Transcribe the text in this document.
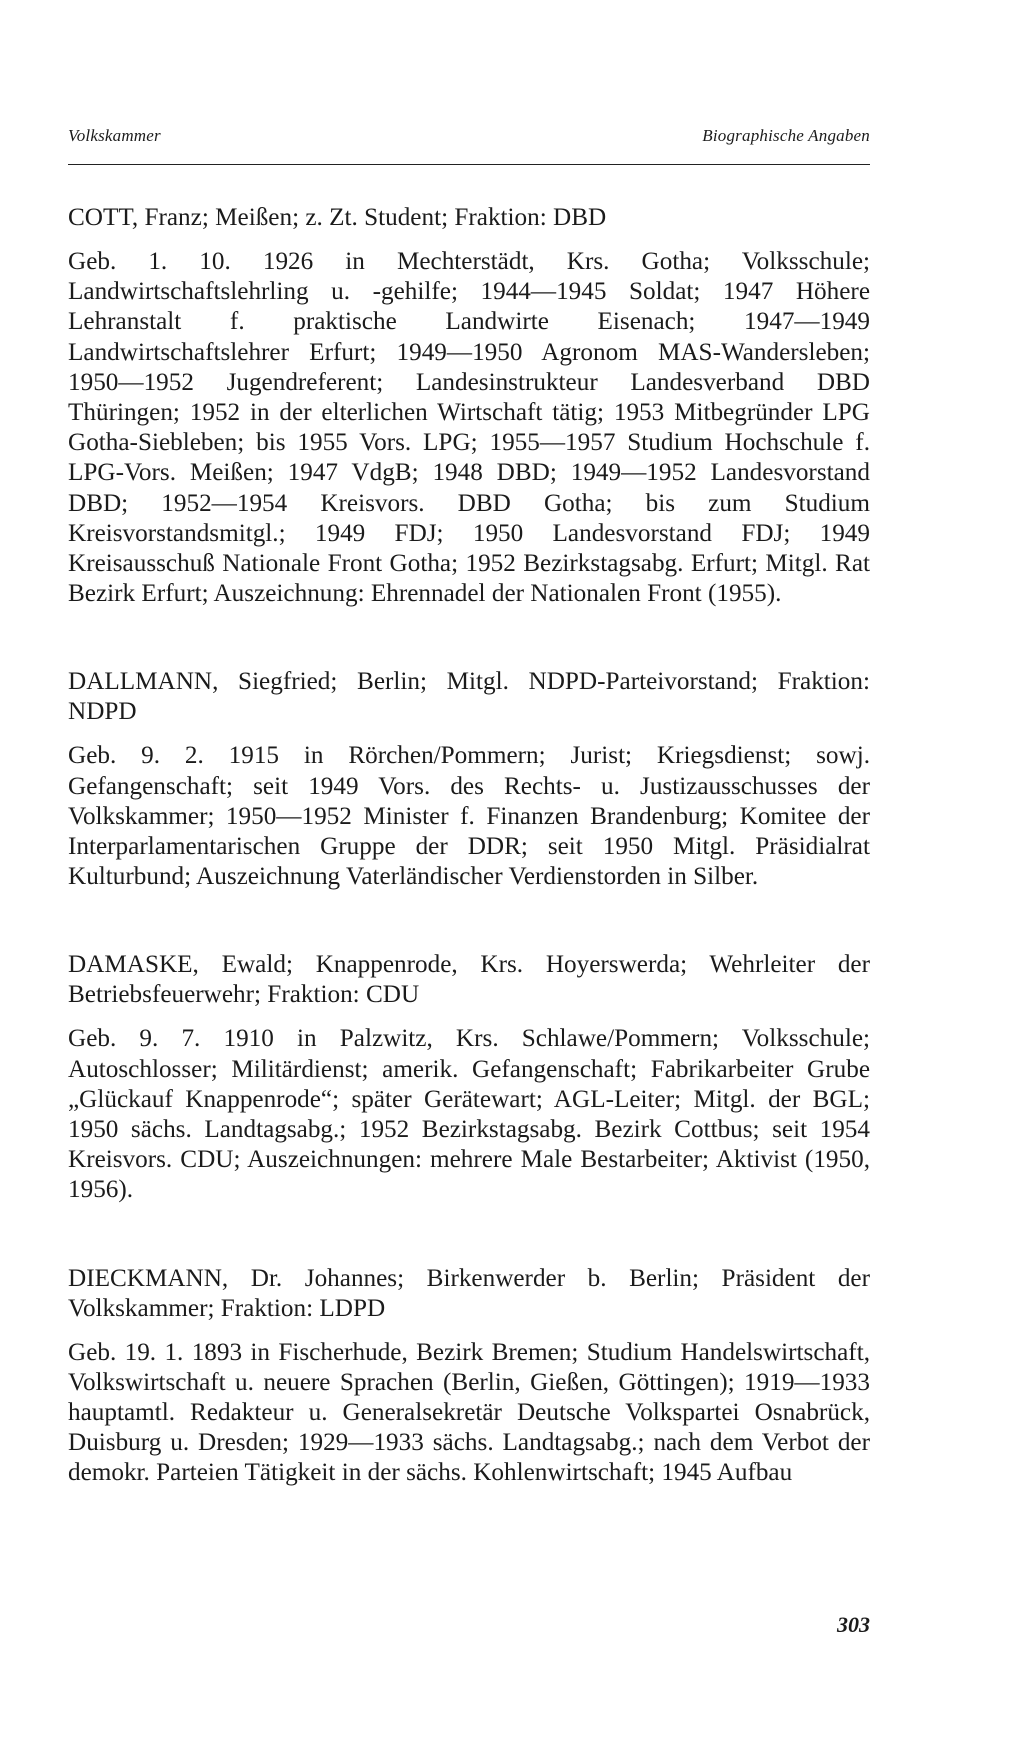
Volkskammer	Biographische Angaben

COTT, Franz; Meißen; z. Zt. Student; Fraktion: DBD

Geb. 1. 10. 1926 in Mechterstädt, Krs. Gotha; Volksschule; Landwirtschaftslehrling u. -gehilfe; 1944—1945 Soldat; 1947 Höhere Lehranstalt f. praktische Landwirte Eisenach; 1947—1949 Landwirtschaftslehrer Erfurt; 1949—1950 Agronom MAS-Wandersleben; 1950—1952 Jugendreferent; Landesinstrukteur Landesverband DBD Thüringen; 1952 in der elterlichen Wirtschaft tätig; 1953 Mitbegründer LPG Gotha-Siebleben; bis 1955 Vors. LPG; 1955—1957 Studium Hochschule f. LPG-Vors. Meißen; 1947 VdgB; 1948 DBD; 1949—1952 Landesvorstand DBD; 1952—1954 Kreisvors. DBD Gotha; bis zum Studium Kreisvorstandsmitgl.; 1949 FDJ; 1950 Landesvorstand FDJ; 1949 Kreisausschuß Nationale Front Gotha; 1952 Bezirkstagsabg. Erfurt; Mitgl. Rat Bezirk Erfurt; Auszeichnung: Ehrennadel der Nationalen Front (1955).

DALLMANN, Siegfried; Berlin; Mitgl. NDPD-Parteivorstand; Fraktion: NDPD

Geb. 9. 2. 1915 in Rörchen/Pommern; Jurist; Kriegsdienst; sowj. Gefangenschaft; seit 1949 Vors. des Rechts- u. Justizausschusses der Volkskammer; 1950—1952 Minister f. Finanzen Brandenburg; Komitee der Interparlamentarischen Gruppe der DDR; seit 1950 Mitgl. Präsidialrat Kulturbund; Auszeichnung Vaterländischer Verdienstorden in Silber.

DAMASKE, Ewald; Knappenrode, Krs. Hoyerswerda; Wehrleiter der Betriebsfeuerwehr; Fraktion: CDU

Geb. 9. 7. 1910 in Palzwitz, Krs. Schlawe/Pommern; Volksschule; Autoschlosser; Militärdienst; amerik. Gefangenschaft; Fabrikarbeiter Grube „Glückauf Knappenrode“; später Gerätewart; AGL-Leiter; Mitgl. der BGL; 1950 sächs. Landtagsabg.; 1952 Bezirkstagsabg. Bezirk Cottbus; seit 1954 Kreisvors. CDU; Auszeichnungen: mehrere Male Bestarbeiter; Aktivist (1950, 1956).

DIECKMANN, Dr. Johannes; Birkenwerder b. Berlin; Präsident der Volkskammer; Fraktion: LDPD

Geb. 19. 1. 1893 in Fischerhude, Bezirk Bremen; Studium Handelswirtschaft, Volkswirtschaft u. neuere Sprachen (Berlin, Gießen, Göttingen); 1919—1933 hauptamtl. Redakteur u. Generalsekretär Deutsche Volkspartei Osnabrück, Duisburg u. Dresden; 1929—1933 sächs. Landtagsabg.; nach dem Verbot der demokr. Parteien Tätigkeit in der sächs. Kohlenwirtschaft; 1945 Aufbau

303
